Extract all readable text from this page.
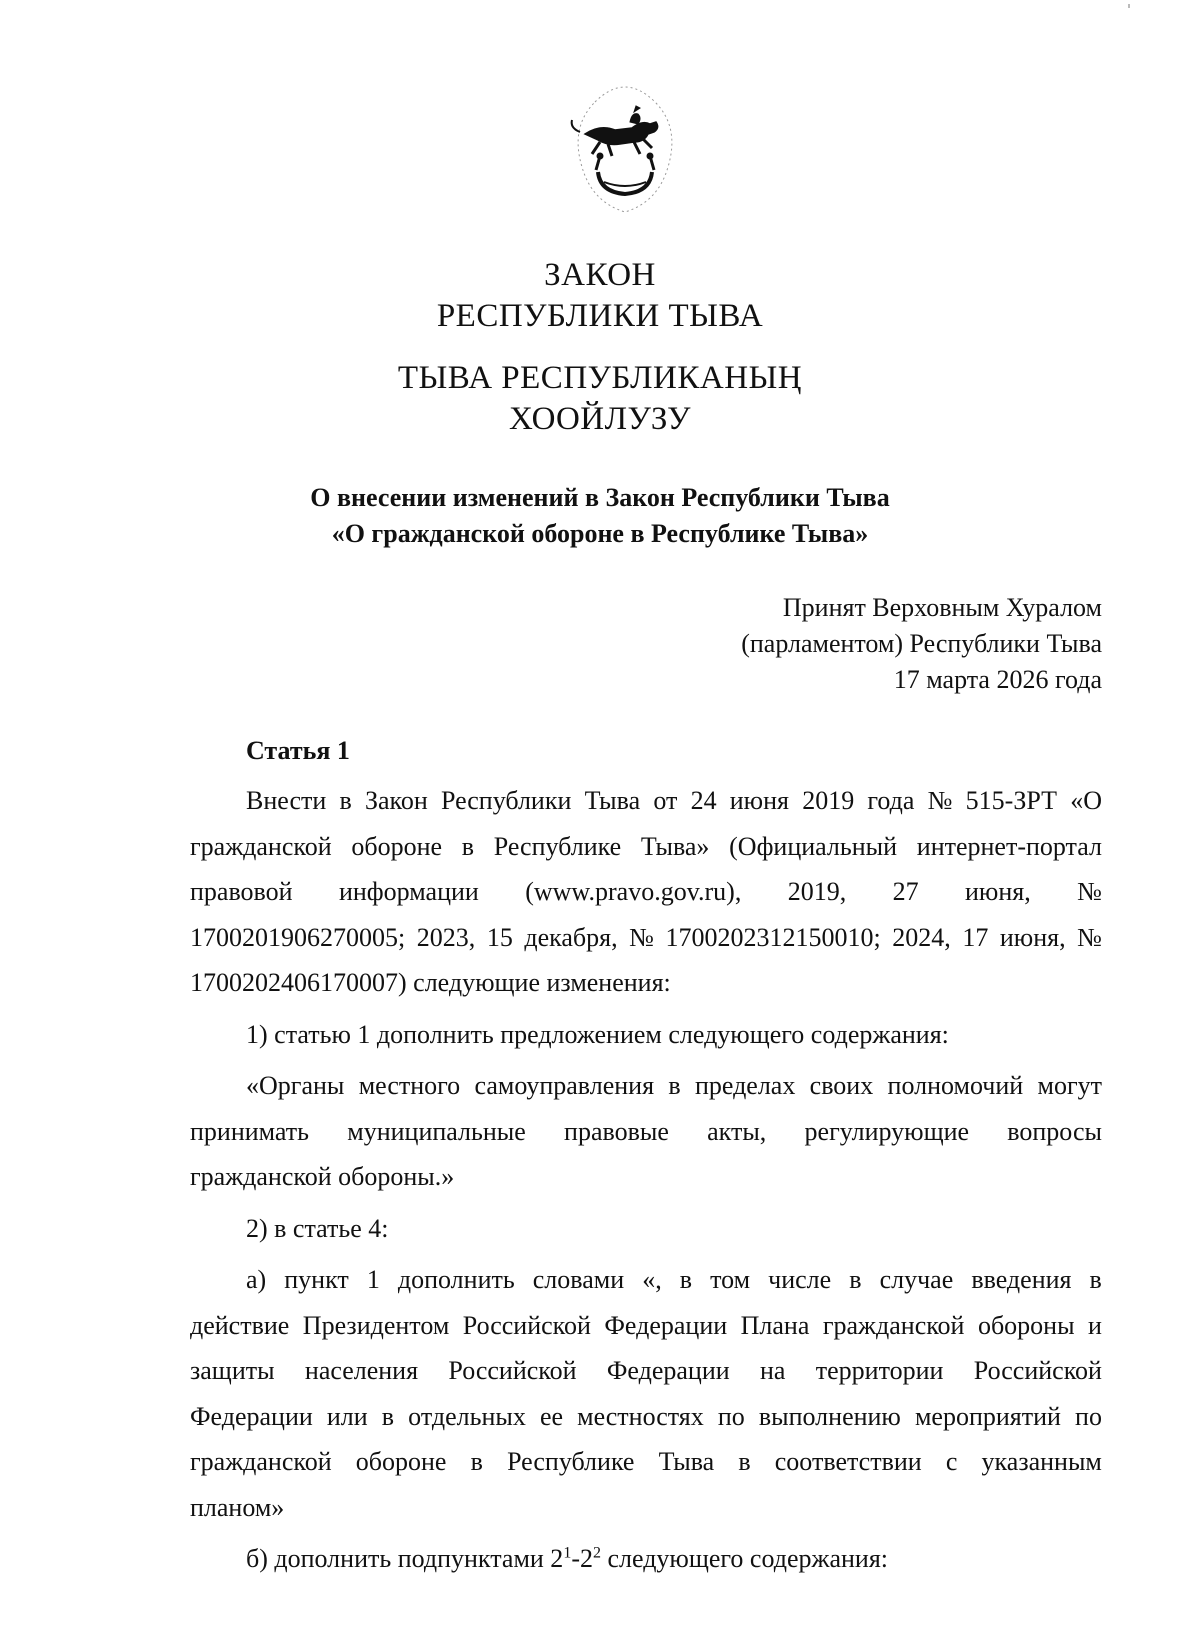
ЗАКОН
РЕСПУБЛИКИ ТЫВА
ТЫВА РЕСПУБЛИКАНЫҢ
ХООЙЛУЗУ
О внесении изменений в Закон Республики Тыва
«О гражданской обороне в Республике Тыва»
Принят Верховным Хуралом
(парламентом) Республики Тыва
17 марта 2026 года
Статья 1
Внести в Закон Республики Тыва от 24 июня 2019 года № 515-ЗРТ «О
гражданской обороне в Республике Тыва» (Официальный интернет-портал
правовой информации (www.pravo.gov.ru), 2019, 27 июня, №
1700201906270005; 2023, 15 декабря, № 1700202312150010; 2024, 17 июня, №
1700202406170007) следующие изменения:
1) статью 1 дополнить предложением следующего содержания:
«Органы местного самоуправления в пределах своих полномочий могут
принимать муниципальные правовые акты, регулирующие вопросы
гражданской обороны.»
2) в статье 4:
а) пункт 1 дополнить словами «, в том числе в случае введения в
действие Президентом Российской Федерации Плана гражданской обороны и
защиты населения Российской Федерации на территории Российской
Федерации или в отдельных ее местностях по выполнению мероприятий по
гражданской обороне в Республике Тыва в соответствии с указанным
планом»
б) дополнить подпунктами $2^1-2^2$ следующего содержания:
